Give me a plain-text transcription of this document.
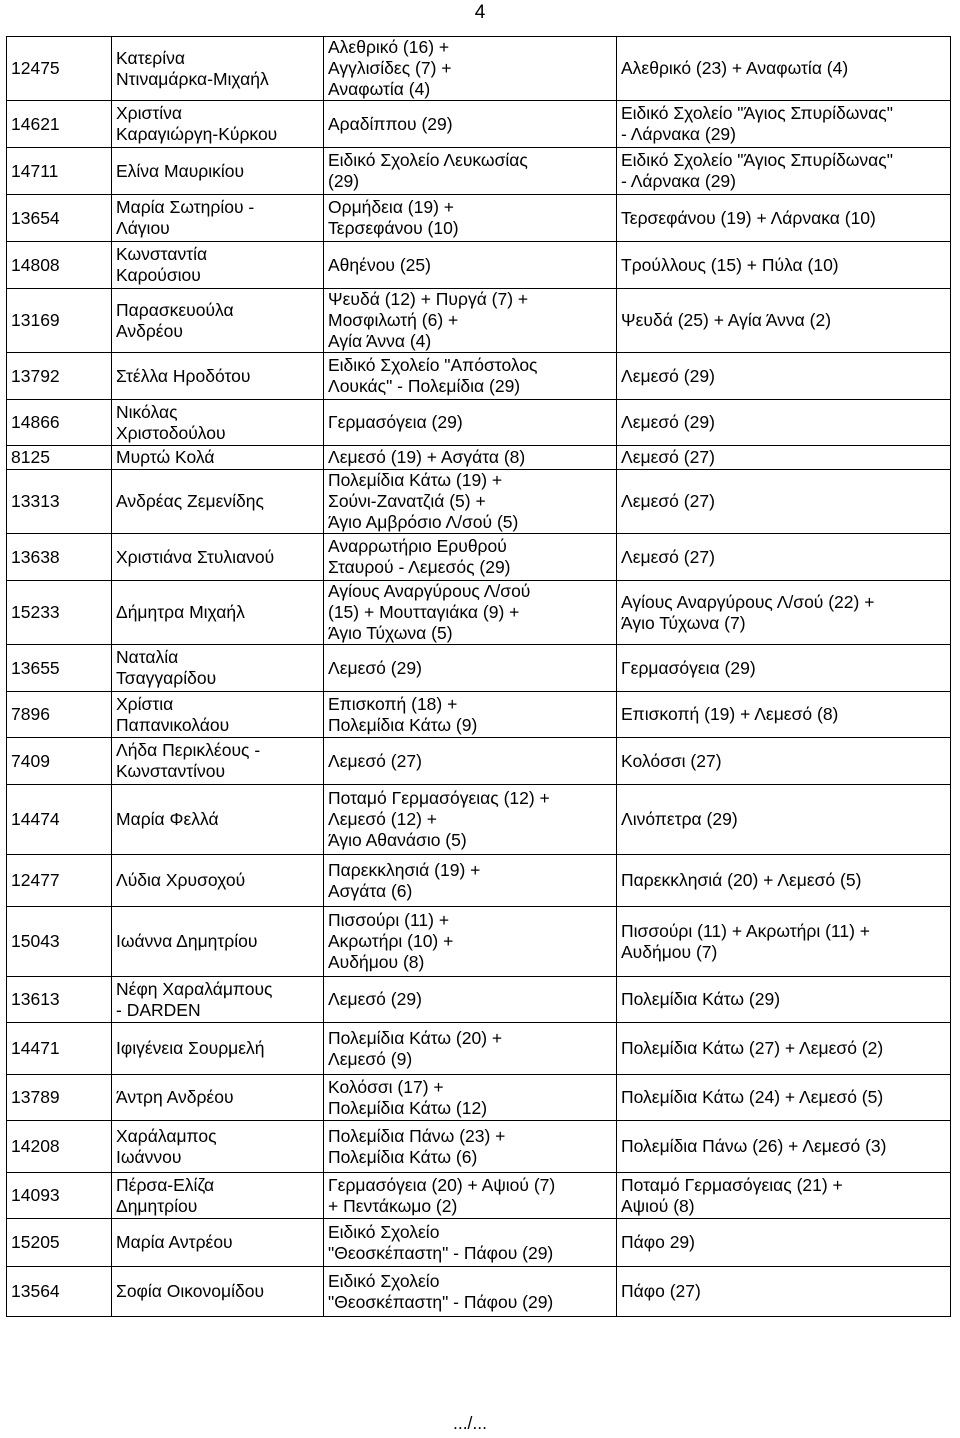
4
12475	Κατερίνα
Ντιναμάρκα-Μιχαήλ	Αλεθρικό (16) +
Αγγλισίδες (7) +
Αναφωτία (4)	Αλεθρικό (23) + Αναφωτία (4)
14621	Χριστίνα
Καραγιώργη-Κύρκου	Αραδίππου (29)	Ειδικό Σχολείο "Άγιος Σπυρίδωνας"
- Λάρνακα (29)
14711	Ελίνα Μαυρικίου	Ειδικό Σχολείο Λευκωσίας
(29)	Ειδικό Σχολείο "Άγιος Σπυρίδωνας"
- Λάρνακα (29)
13654	Μαρία Σωτηρίου -
Λάγιου	Ορμήδεια (19) +
Τερσεφάνου (10)	Τερσεφάνου (19) + Λάρνακα (10)
14808	Κωνσταντία
Καρούσιου	Αθηένου (25)	Τρούλλους (15) + Πύλα (10)
13169	Παρασκευούλα
Ανδρέου	Ψευδά (12) + Πυργά (7) +
Μοσφιλωτή (6) +
Αγία Άννα (4)	Ψευδά (25) + Αγία Άννα (2)
13792	Στέλλα Ηροδότου	Ειδικό Σχολείο "Απόστολος
Λουκάς" - Πολεμίδια (29)	Λεμεσό (29)
14866	Νικόλας
Χριστοδούλου	Γερμασόγεια (29)	Λεμεσό (29)
8125	Μυρτώ Κολά	Λεμεσό (19) + Ασγάτα (8)	Λεμεσό (27)
13313	Ανδρέας Ζεμενίδης	Πολεμίδια Κάτω (19) +
Σούνι-Ζανατζιά (5) +
Άγιο Αμβρόσιο Λ/σού (5)	Λεμεσό (27)
13638	Χριστιάνα Στυλιανού	Αναρρωτήριο Ερυθρού
Σταυρού - Λεμεσός (29)	Λεμεσό (27)
15233	Δήμητρα Μιχαήλ	Αγίους Αναργύρους Λ/σού
(15) + Μουτταγιάκα (9) +
Άγιο Τύχωνα (5)	Αγίους Αναργύρους Λ/σού (22) +
Άγιο Τύχωνα (7)
13655	Ναταλία
Τσαγγαρίδου	Λεμεσό (29)	Γερμασόγεια (29)
7896	Χρίστια
Παπανικολάου	Επισκοπή (18) +
Πολεμίδια Κάτω (9)	Επισκοπή (19) + Λεμεσό (8)
7409	Λήδα Περικλέους -
Κωνσταντίνου	Λεμεσό (27)	Κολόσσι (27)
14474	Μαρία Φελλά	Ποταμό Γερμασόγειας (12) +
Λεμεσό (12) +
Άγιο Αθανάσιο (5)	Λινόπετρα (29)
12477	Λύδια Χρυσοχού	Παρεκκλησιά (19) +
Ασγάτα (6)	Παρεκκλησιά (20) + Λεμεσό (5)
15043	Ιωάννα Δημητρίου	Πισσούρι (11) +
Ακρωτήρι (10) +
Αυδήμου (8)	Πισσούρι (11) + Ακρωτήρι (11) +
Αυδήμου (7)
13613	Νέφη Χαραλάμπους
- DARDEN	Λεμεσό (29)	Πολεμίδια Κάτω (29)
14471	Ιφιγένεια Σουρμελή	Πολεμίδια Κάτω (20) +
Λεμεσό (9)	Πολεμίδια Κάτω (27) + Λεμεσό (2)
13789	Άντρη Ανδρέου	Κολόσσι (17) +
Πολεμίδια Κάτω (12)	Πολεμίδια Κάτω (24) + Λεμεσό (5)
14208	Χαράλαμπος
Ιωάννου	Πολεμίδια Πάνω (23) +
Πολεμίδια Κάτω (6)	Πολεμίδια Πάνω (26) + Λεμεσό (3)
14093	Πέρσα-Ελίζα
Δημητρίου	Γερμασόγεια (20) + Αψιού (7)
+ Πεντάκωμο (2)	Ποταμό Γερμασόγειας (21) +
Αψιού (8)
15205	Μαρία Αντρέου	Ειδικό Σχολείο
"Θεοσκέπαστη" - Πάφου (29)	Πάφο 29)
13564	Σοφία Οικονομίδου	Ειδικό Σχολείο
"Θεοσκέπαστη" - Πάφου (29)	Πάφο (27)
.../...
